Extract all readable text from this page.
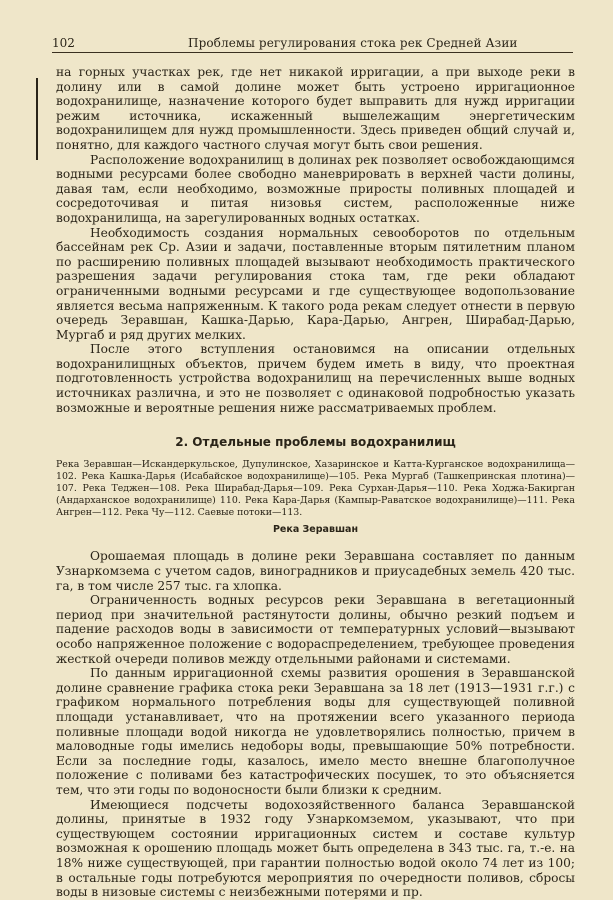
102	Проблемы регулирования стока рек Средней Азии

на горных участках рек, где нет никакой ирригации, а при выходе реки в долину или в самой долине может быть устроено ирригационное водохранилище, назначение которого будет выправить для нужд ирригации режим источника, искаженный вышележащим энергетическим водохранилищем для нужд промышленности. Здесь приведен общий случай и, понятно, для каждого частного случая могут быть свои решения.

Расположение водохранилищ в долинах рек позволяет освобождающимся водными ресурсами более свободно маневрировать в верхней части долины, давая там, если необходимо, возможные приросты поливных площадей и сосредоточивая и питая низовья систем, расположенные ниже водохранилища, на зарегулированных водных остатках.

Необходимость создания нормальных севооборотов по отдельным бассейнам рек Ср. Азии и задачи, поставленные вторым пятилетним планом по расширению поливных площадей вызывают необходимость практического разрешения задачи регулирования стока там, где реки обладают ограниченными водными ресурсами и где существующее водопользование является весьма напряженным. К такого рода рекам следует отнести в первую очередь Зеравшан, Кашка-Дарью, Кара-Дарью, Ангрен, Ширабад-Дарью, Мургаб и ряд других мелких.

После этого вступления остановимся на описании отдельных водохранилищных объектов, причем будем иметь в виду, что проектная подготовленность устройства водохранилищ на перечисленных выше водных источниках различна, и это не позволяет с одинаковой подробностью указать возможные и вероятные решения ниже рассматриваемых проблем.

2. Отдельные проблемы водохранилищ

Река Зеравшан—Искандеркульское, Дупулинское, Хазаринское и Катта-Курганское водохранилища—102. Река Кашка-Дарья (Исабайское водохранилище)—105. Река Мургаб (Ташкепринская плотина)—107. Река Теджен—108. Река Ширабад-Дарья—109. Река Сурхан-Дарья—110. Река Ходжа-Бакирган (Андарханское водохранилище) 110. Река Кара-Дарья (Кампыр-Раватское водохранилище)—111. Река Ангрен—112. Река Чу—112. Саевые потоки—113.

Река Зеравшан

Орошаемая площадь в долине реки Зеравшана составляет по данным Узнаркомзема с учетом садов, виноградников и приусадебных земель 420 тыс. га, в том числе 257 тыс. га хлопка.

Ограниченность водных ресурсов реки Зеравшана в вегетационный период при значительной растянутости долины, обычно резкий подъем и падение расходов воды в зависимости от температурных условий—вызывают особо напряженное положение с водораспределением, требующее проведения жесткой очереди поливов между отдельными районами и системами.

По данным ирригационной схемы развития орошения в Зеравшанской долине сравнение графика стока реки Зеравшана за 18 лет (1913—1931 г.г.) с графиком нормального потребления воды для существующей поливной площади устанавливает, что на протяжении всего указанного периода поливные площади водой никогда не удовлетворялись полностью, причем в маловодные годы имелись недоборы воды, превышающие 50% потребности. Если за последние годы, казалось, имело место внешне благополучное положение с поливами без катастрофических посушек, то это объясняется тем, что эти годы по водоносности были близки к средним.

Имеющиеся подсчеты водохозяйственного баланса Зеравшанской долины, принятые в 1932 году Узнаркомземом, указывают, что при существующем состоянии ирригационных систем и составе культур возможная к орошению площадь может быть определена в 343 тыс. га, т.-е. на 18% ниже существующей, при гарантии полностью водой около 74 лет из 100; в остальные годы потребуются мероприятия по очередности поливов, сбросы воды в низовые системы с неизбежными потерями и пр.
